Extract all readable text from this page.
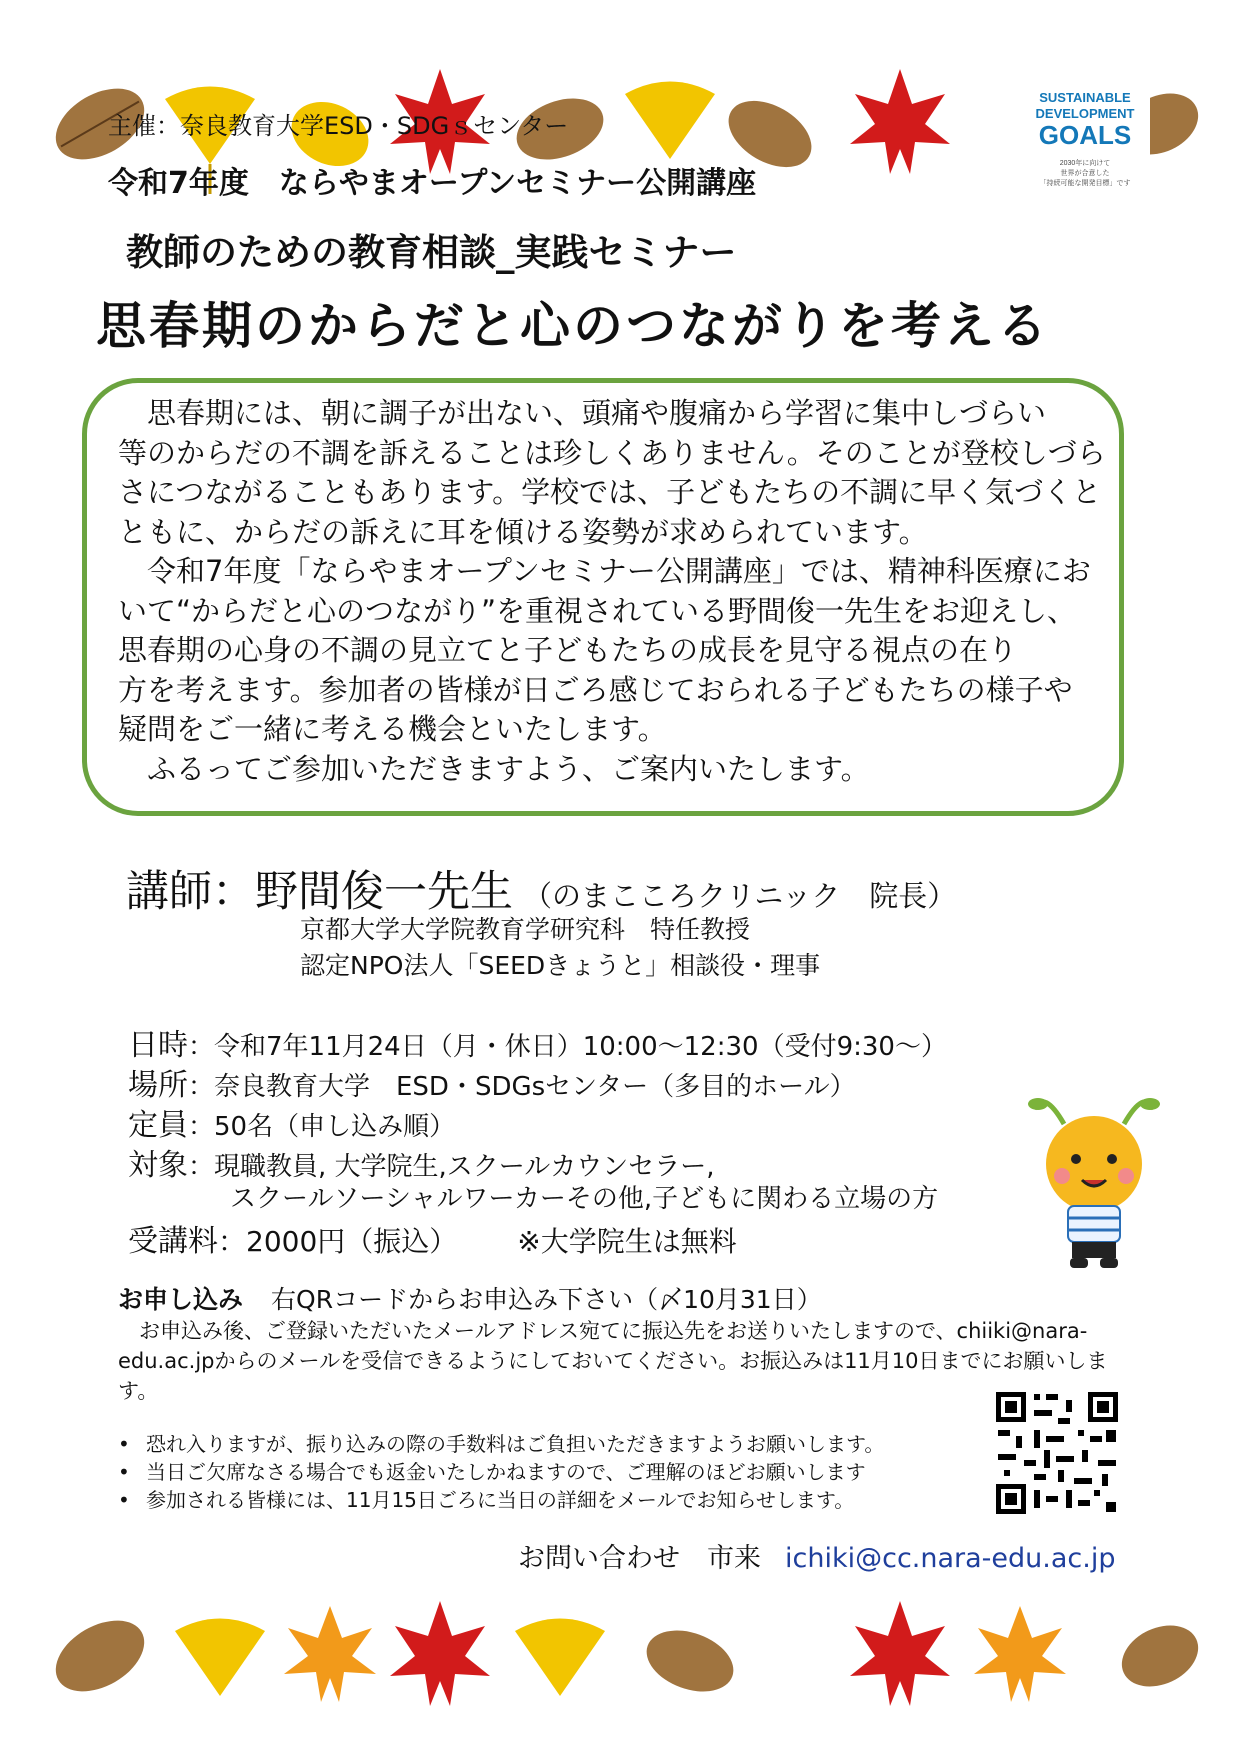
SUSTAINABLE
DEVELOPMENT
GOALS
2030年に向けて
世界が合意した
「持続可能な開発目標」です
主催：奈良教育大学ESD・SDGｓセンター
令和7年度　ならやまオープンセミナー公開講座
教師のための教育相談_実践セミナー
思春期のからだと心のつながりを考える
　思春期には、朝に調子が出ない、頭痛や腹痛から学習に集中しづらい
等のからだの不調を訴えることは珍しくありません。そのことが登校しづら
さにつながることもあります。学校では、子どもたちの不調に早く気づくと
ともに、からだの訴えに耳を傾ける姿勢が求められています。
　令和7年度「ならやまオープンセミナー公開講座」では、精神科医療にお
いて“からだと心のつながり”を重視されている野間俊一先生をお迎えし、
思春期の心身の不調の見立てと子どもたちの成長を見守る視点の在り
方を考えます。参加者の皆様が日ごろ感じておられる子どもたちの様子や
疑問をご一緒に考える機会といたします。
　ふるってご参加いただきますよう、ご案内いたします。
講師：野間俊一先生 （のまこころクリニック　院長）
京都大学大学院教育学研究科　特任教授
認定NPO法人「SEEDきょうと」相談役・理事
日時：令和7年11月24日（月・休日）10:00～12:30（受付9:30～）
場所：奈良教育大学　ESD・SDGsセンター（多目的ホール）
定員：50名（申し込み順）
対象：現職教員, 大学院生,スクールカウンセラー,
スクールソーシャルワーカーその他,子どもに関わる立場の方
受講料：2000円（振込） ※大学院生は無料
お申し込み 右QRコードからお申込み下さい（〆10月31日）
　お申込み後、ご登録いただいたメールアドレス宛てに振込先をお送りいたしますので、chiiki@nara-edu.ac.jpからのメールを受信できるようにしておいてください。お振込みは11月10日までにお願いします。
• 恐れ入りますが、振り込みの際の手数料はご負担いただきますようお願いします。
• 当日ご欠席なさる場合でも返金いたしかねますので、ご理解のほどお願いします
• 参加される皆様には、11月15日ごろに当日の詳細をメールでお知らせします。
お問い合わせ　市来 ichiki@cc.nara-edu.ac.jp
